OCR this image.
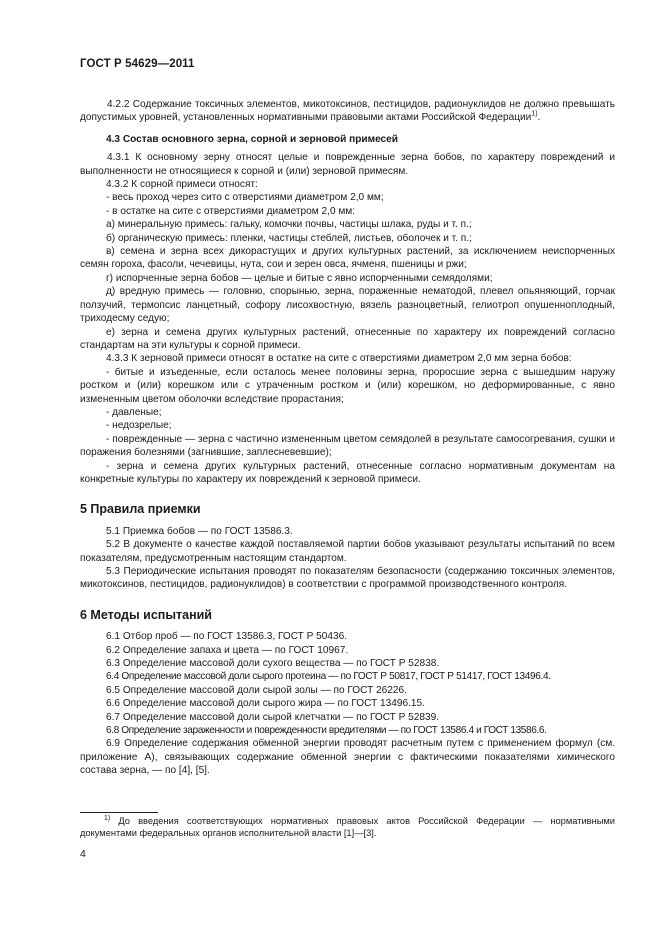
ГОСТ Р 54629—2011

4.2.2 Содержание токсичных элементов, микотоксинов, пестицидов, радионуклидов не должно превышать допустимых уровней, установленных нормативными правовыми актами Российской Федерации$^{1)}$.

4.3 Состав основного зерна, сорной и зерновой примесей

4.3.1 К основному зерну относят целые и поврежденные зерна бобов, по характеру повреждений и выполненности не относящиеся к сорной и (или) зерновой примесям.

4.3.2 К сорной примеси относят:

- весь проход через сито с отверстиями диаметром 2,0 мм;

- в остатке на сите с отверстиями диаметром 2,0 мм:

а) минеральную примесь: гальку, комочки почвы, частицы шлака, руды и т. п.;

б) органическую примесь: пленки, частицы стеблей, листьев, оболочек и т. п.;

в) семена и зерна всех дикорастущих и других культурных растений, за исключением неиспорченных семян гороха, фасоли, чечевицы, нута, сои и зерен овса, ячменя, пшеницы и ржи;

г) испорченные зерна бобов — целые и битые с явно испорченными семядолями;

д) вредную примесь — головню, спорынью, зерна, пораженные нематодой, плевел опьяняющий, горчак ползучий, термопсис ланцетный, софору лисохвостную, вязель разноцветный, гелиотроп опушеннoплодный, триходесму седую;

е) зерна и семена других культурных растений, отнесенные по характеру их повреждений согласно стандартам на эти культуры к сорной примеси.

4.3.3 К зерновой примеси относят в остатке на сите с отверстиями диаметром 2,0 мм зерна бобов:

- битые и изъеденные, если осталось менее половины зерна, проросшие зерна с вышедшим наружу ростком и (или) корешком или с утраченным ростком и (или) корешком, но деформированные, с явно измененным цветом оболочки вследствие прорастания;

- давленые;

- недозрелые;

- поврежденные — зерна с частично измененным цветом семядолей в результате самосогревания, сушки и поражения болезнями (загнившие, заплесневевшие);

- зерна и семена других культурных растений, отнесенные согласно нормативным документам на конкретные культуры по характеру их повреждений к зерновой примеси.

5 Правила приемки

5.1 Приемка бобов — по ГОСТ 13586.3.

5.2 В документе о качестве каждой поставляемой партии бобов указывают результаты испытаний по всем показателям, предусмотренным настоящим стандартом.

5.3 Периодические испытания проводят по показателям безопасности (содержанию токсичных элементов, микотоксинов, пестицидов, радионуклидов) в соответствии с программой производственного контроля.

6 Методы испытаний

6.1 Отбор проб — по ГОСТ 13586.3, ГОСТ Р 50436.

6.2 Определение запаха и цвета — по ГОСТ 10967.

6.3 Определение массовой доли сухого вещества — по ГОСТ Р 52838.

6.4 Определение массовой доли сырого протеина — по ГОСТ Р 50817, ГОСТ Р 51417, ГОСТ 13496.4.

6.5 Определение массовой доли сырой золы — по ГОСТ 26226.

6.6 Определение массовой доли сырого жира — по ГОСТ 13496.15.

6.7 Определение массовой доли сырой клетчатки — по ГОСТ Р 52839.

6.8 Определение зараженности и поврежденности вредителями — по ГОСТ 13586.4 и ГОСТ 13586.6.

6.9 Определение содержания обменной энергии проводят расчетным путем с применением формул (см. приложение А), связывающих содержание обменной энергии с фактическими показателями химического состава зерна, — по [4], [5].

$^{1)}$ До введения соответствующих нормативных правовых актов Российской Федерации — нормативными документами федеральных органов исполнительной власти [1]—[3].
4
